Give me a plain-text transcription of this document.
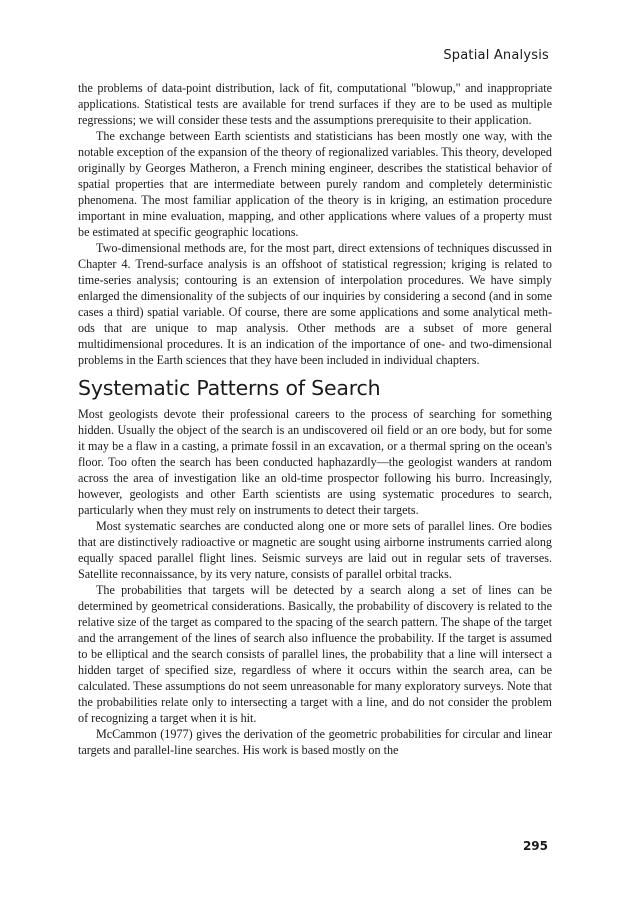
Spatial Analysis

the problems of data-point distribution, lack of fit, computational "blowup," and inappropriate applications. Statistical tests are available for trend surfaces if they are to be used as multiple regressions; we will consider these tests and the assumptions prerequisite to their application.

The exchange between Earth scientists and statisticians has been mostly one way, with the notable exception of the expansion of the theory of regionalized variables. This theory, developed originally by Georges Matheron, a French mining engineer, describes the statistical behavior of spatial properties that are intermediate between purely random and completely deterministic phenomena. The most familiar application of the theory is in kriging, an estimation procedure important in mine evaluation, mapping, and other applications where values of a property must be estimated at specific geographic locations.

Two-dimensional methods are, for the most part, direct extensions of techniques discussed in Chapter 4. Trend-surface analysis is an offshoot of statistical regression; kriging is related to time-series analysis; contouring is an extension of interpolation procedures. We have simply enlarged the dimensionality of the subjects of our inquiries by considering a second (and in some cases a third) spatial variable. Of course, there are some applications and some analytical methods that are unique to map analysis. Other methods are a subset of more general multidimensional procedures. It is an indication of the importance of one- and two-dimensional problems in the Earth sciences that they have been included in individual chapters.

Systematic Patterns of Search

Most geologists devote their professional careers to the process of searching for something hidden. Usually the object of the search is an undiscovered oil field or an ore body, but for some it may be a flaw in a casting, a primate fossil in an excavation, or a thermal spring on the ocean's floor. Too often the search has been conducted haphazardly—the geologist wanders at random across the area of investigation like an old-time prospector following his burro. Increasingly, however, geologists and other Earth scientists are using systematic procedures to search, particularly when they must rely on instruments to detect their targets.

Most systematic searches are conducted along one or more sets of parallel lines. Ore bodies that are distinctively radioactive or magnetic are sought using airborne instruments carried along equally spaced parallel flight lines. Seismic surveys are laid out in regular sets of traverses. Satellite reconnaissance, by its very nature, consists of parallel orbital tracks.

The probabilities that targets will be detected by a search along a set of lines can be determined by geometrical considerations. Basically, the probability of discovery is related to the relative size of the target as compared to the spacing of the search pattern. The shape of the target and the arrangement of the lines of search also influence the probability. If the target is assumed to be elliptical and the search consists of parallel lines, the probability that a line will intersect a hidden target of specified size, regardless of where it occurs within the search area, can be calculated. These assumptions do not seem unreasonable for many exploratory surveys. Note that the probabilities relate only to intersecting a target with a line, and do not consider the problem of recognizing a target when it is hit.

McCammon (1977) gives the derivation of the geometric probabilities for circular and linear targets and parallel-line searches. His work is based mostly on the

295
